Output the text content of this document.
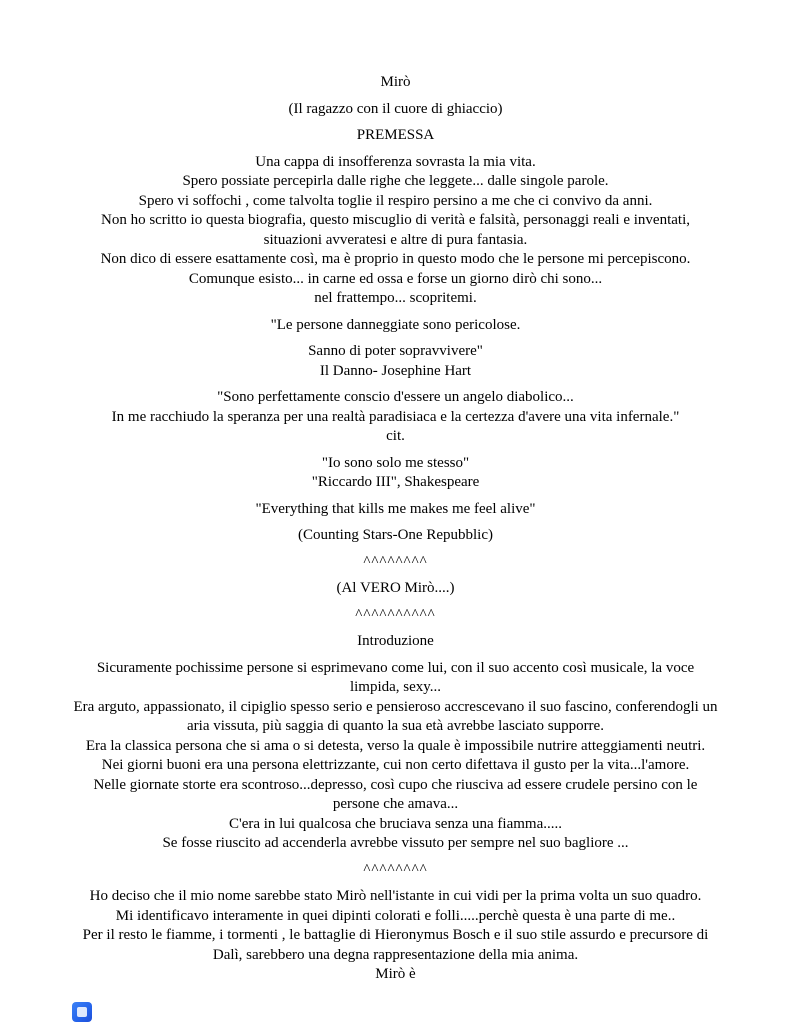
Mirò

(Il ragazzo con il cuore di ghiaccio)

PREMESSA

Una cappa di insofferenza sovrasta la mia vita.
Spero possiate percepirla dalle righe che leggete... dalle singole parole.
Spero vi soffochi , come talvolta toglie il respiro persino a me che ci convivo da anni.
Non ho scritto io questa biografia, questo miscuglio di verità e falsità, personaggi reali e inventati, situazioni avveratesi e altre di pura fantasia.
Non dico di essere esattamente così, ma è proprio in questo modo che le persone mi percepiscono.
Comunque esisto... in carne ed ossa e forse un giorno dirò chi sono...
nel frattempo... scopritemi.

"Le persone danneggiate sono pericolose.

Sanno di poter sopravvivere"
Il Danno- Josephine Hart

"Sono perfettamente conscio d'essere un angelo diabolico...
In me racchiudo la speranza per una realtà paradisiaca e la certezza d'avere una vita infernale."
cit.

"Io sono solo me stesso"
"Riccardo III", Shakespeare

"Everything that kills me makes me feel alive"

(Counting Stars-One Repubblic)

^^^^^^^^

(Al VERO Mirò....)

^^^^^^^^^^

Introduzione

Sicuramente pochissime persone si esprimevano come lui, con il suo accento così musicale, la voce limpida, sexy...
Era arguto, appassionato, il cipiglio spesso serio e pensieroso accrescevano il suo fascino, conferendogli un aria vissuta, più saggia di quanto la sua età avrebbe lasciato supporre.
Era la classica persona che si ama o si detesta, verso la quale è impossibile nutrire atteggiamenti neutri.
Nei giorni buoni era una persona elettrizzante, cui non certo difettava il gusto per la vita...l'amore.
Nelle giornate storte era scontroso...depresso, così cupo che riusciva ad essere crudele persino con le persone che amava...
C'era in lui qualcosa che bruciava senza una fiamma.....
Se fosse riuscito ad accenderla avrebbe vissuto per sempre nel suo bagliore ...

^^^^^^^^

Ho deciso che il mio nome sarebbe stato Mirò nell'istante in cui vidi per la prima volta un suo quadro.
Mi identificavo interamente in quei dipinti colorati e folli.....perchè questa è una parte di me..
Per il resto le fiamme, i tormenti , le battaglie di Hieronymus Bosch e il suo stile assurdo e precursore di Dalì, sarebbero una degna rappresentazione della mia anima.
Mirò è
